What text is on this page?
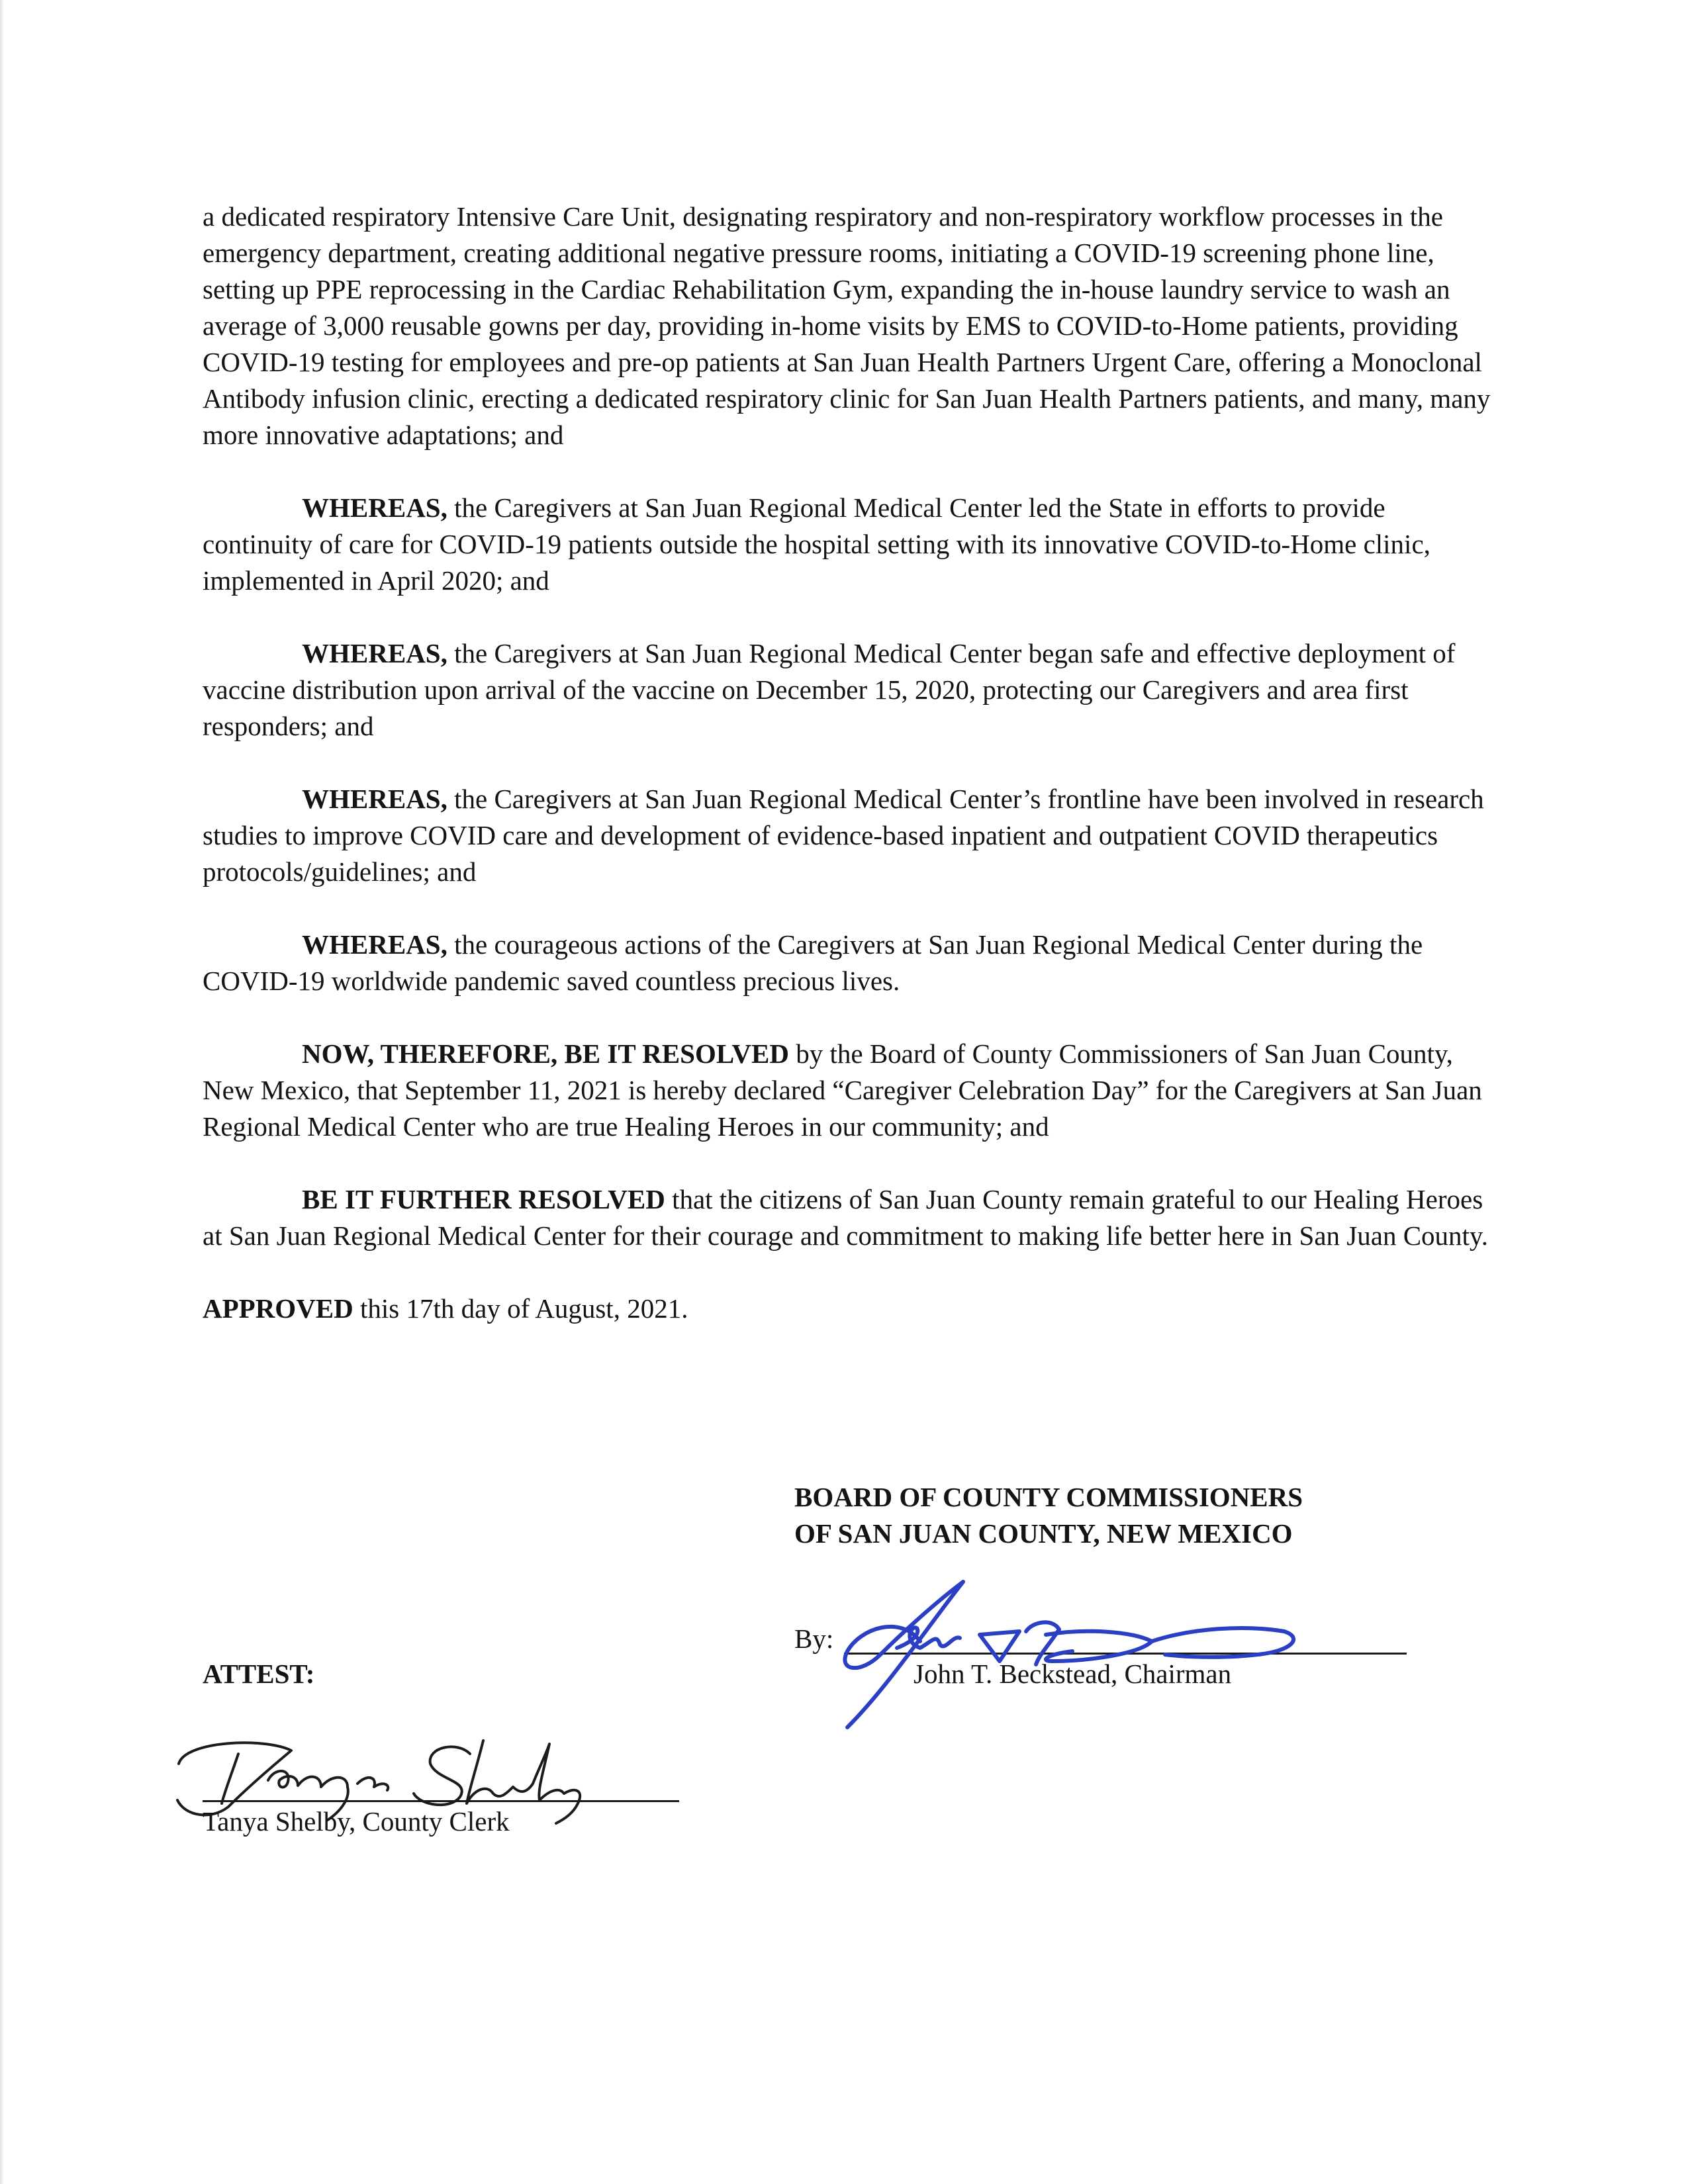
a dedicated respiratory Intensive Care Unit, designating respiratory and non-respiratory workflow processes in the emergency department, creating additional negative pressure rooms, initiating a COVID-19 screening phone line, setting up PPE reprocessing in the Cardiac Rehabilitation Gym, expanding the in-house laundry service to wash an average of 3,000 reusable gowns per day, providing in-home visits by EMS to COVID-to-Home patients, providing COVID-19 testing for employees and pre-op patients at San Juan Health Partners Urgent Care, offering a Monoclonal Antibody infusion clinic, erecting a dedicated respiratory clinic for San Juan Health Partners patients, and many, many more innovative adaptations; and

WHEREAS, the Caregivers at San Juan Regional Medical Center led the State in efforts to provide continuity of care for COVID-19 patients outside the hospital setting with its innovative COVID-to-Home clinic, implemented in April 2020; and

WHEREAS, the Caregivers at San Juan Regional Medical Center began safe and effective deployment of vaccine distribution upon arrival of the vaccine on December 15, 2020, protecting our Caregivers and area first responders; and

WHEREAS, the Caregivers at San Juan Regional Medical Center’s frontline have been involved in research studies to improve COVID care and development of evidence-based inpatient and outpatient COVID therapeutics protocols/guidelines; and

WHEREAS, the courageous actions of the Caregivers at San Juan Regional Medical Center during the COVID-19 worldwide pandemic saved countless precious lives.

NOW, THEREFORE, BE IT RESOLVED by the Board of County Commissioners of San Juan County, New Mexico, that September 11, 2021 is hereby declared “Caregiver Celebration Day” for the Caregivers at San Juan Regional Medical Center who are true Healing Heroes in our community; and

BE IT FURTHER RESOLVED that the citizens of San Juan County remain grateful to our Healing Heroes at San Juan Regional Medical Center for their courage and commitment to making life better here in San Juan County.

APPROVED this 17th day of August, 2021.

BOARD OF COUNTY COMMISSIONERS
OF SAN JUAN COUNTY, NEW MEXICO
By:
John T. Beckstead, Chairman
ATTEST:
Tanya Shelby, County Clerk
